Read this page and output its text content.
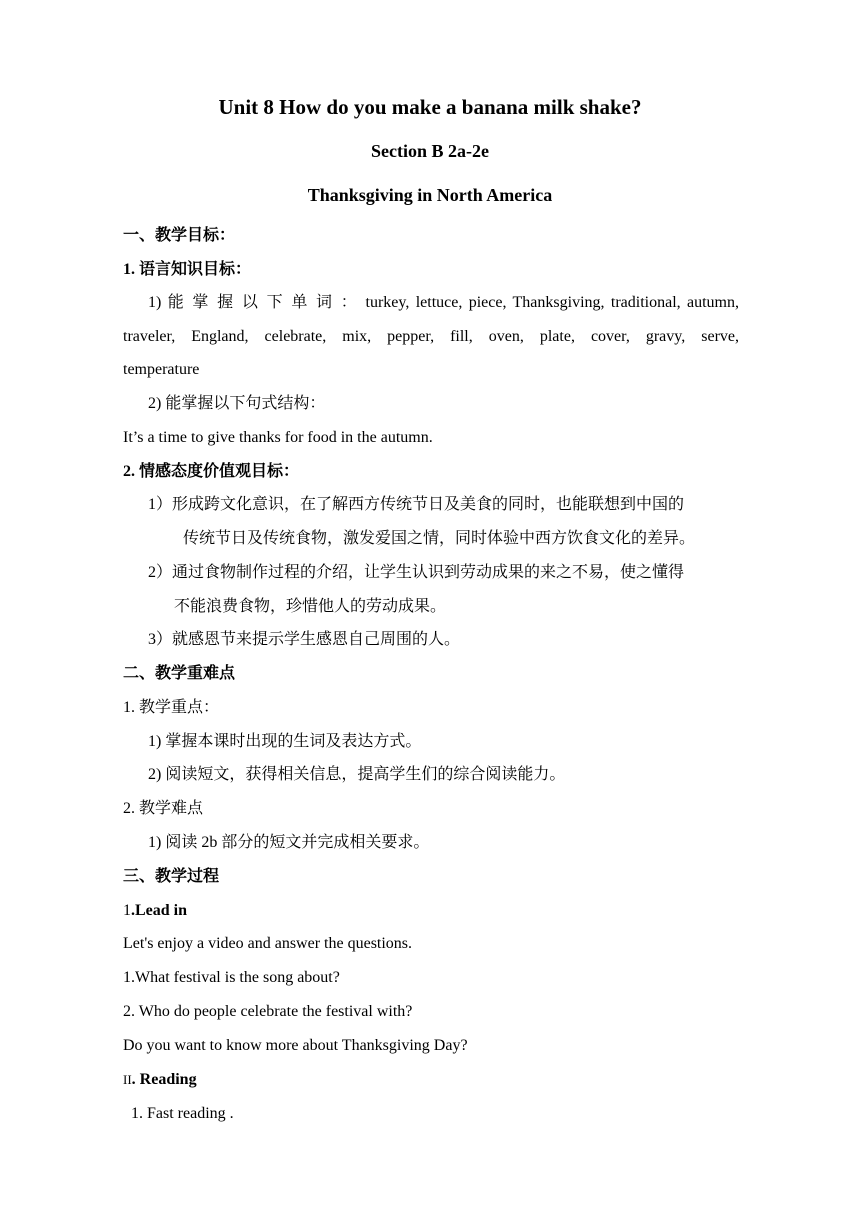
Unit 8 How do you make a banana milk shake?
Section B 2a-2e
Thanksgiving in North America
一、教学目标：
1. 语言知识目标：
1) 能 掌 握 以 下 单 词 ： turkey, lettuce, piece, Thanksgiving, traditional, autumn,
traveler, England, celebrate, mix, pepper, fill, oven, plate, cover, gravy, serve,
temperature
2) 能掌握以下句式结构：
It’s a time to give thanks for food in the autumn.
2. 情感态度价值观目标：
1）形成跨文化意识，在了解西方传统节日及美食的同时，也能联想到中国的
传统节日及传统食物，激发爱国之情，同时体验中西方饮食文化的差异。
2）通过食物制作过程的介绍，让学生认识到劳动成果的来之不易，使之懂得
不能浪费食物，珍惜他人的劳动成果。
3）就感恩节来提示学生感恩自己周围的人。
二、教学重难点
1. 教学重点：
1) 掌握本课时出现的生词及表达方式。
2) 阅读短文，获得相关信息，提高学生们的综合阅读能力。
2. 教学难点
1) 阅读 2b 部分的短文并完成相关要求。
三、教学过程
1.Lead in
Let's enjoy a video and answer the questions.
1.What festival is the song about?
2. Who do people celebrate the festival with?
Do you want to know more about Thanksgiving Day?
II. Reading
1. Fast reading .
